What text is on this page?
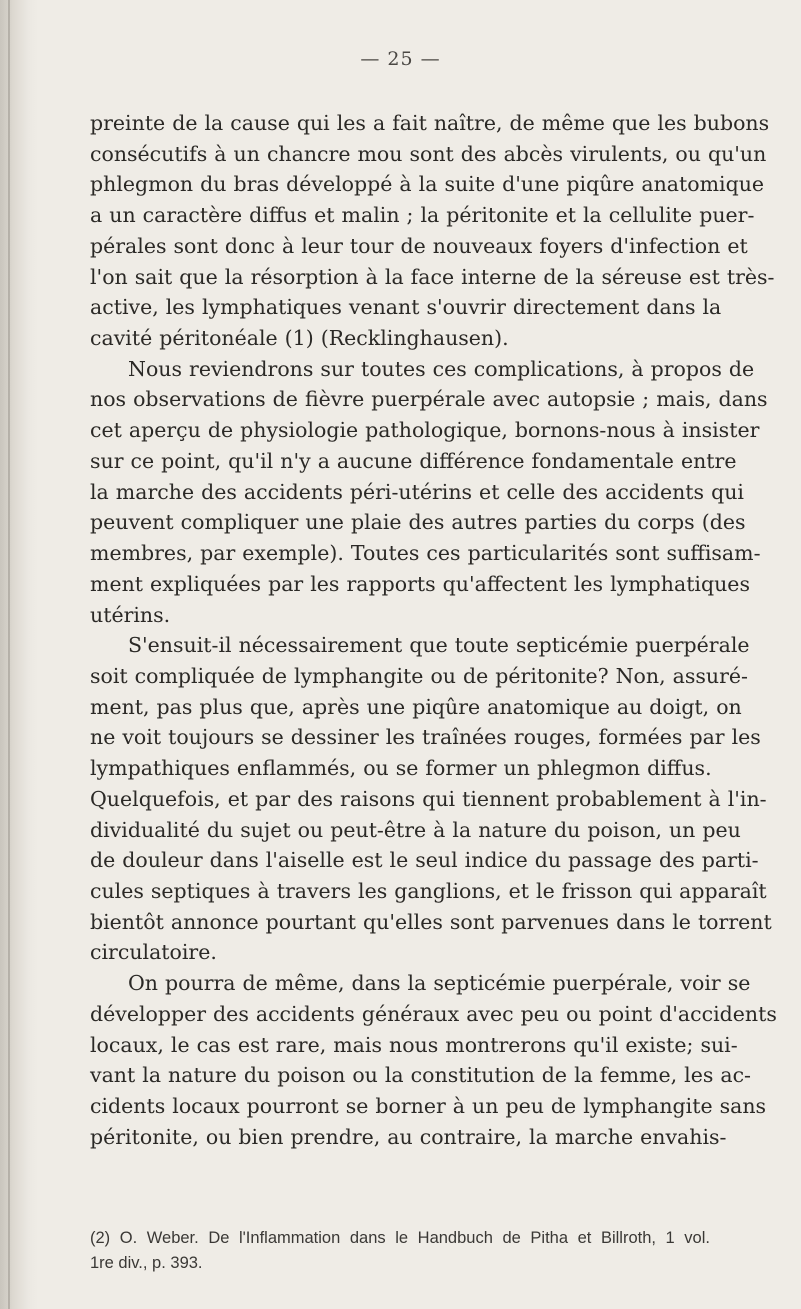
— 25 —
preinte de la cause qui les a fait naître, de même que les bubons
consécutifs à un chancre mou sont des abcès virulents, ou qu'un
phlegmon du bras développé à la suite d'une piqûre anatomique
a un caractère diffus et malin ; la péritonite et la cellulite puer-
pérales sont donc à leur tour de nouveaux foyers d'infection et
l'on sait que la résorption à la face interne de la séreuse est très-
active, les lymphatiques venant s'ouvrir directement dans la
cavité péritonéale (1) (Recklinghausen).
Nous reviendrons sur toutes ces complications, à propos de
nos observations de fièvre puerpérale avec autopsie ; mais, dans
cet aperçu de physiologie pathologique, bornons-nous à insister
sur ce point, qu'il n'y a aucune différence fondamentale entre
la marche des accidents péri-utérins et celle des accidents qui
peuvent compliquer une plaie des autres parties du corps (des
membres, par exemple). Toutes ces particularités sont suffisam-
ment expliquées par les rapports qu'affectent les lymphatiques
utérins.
S'ensuit-il nécessairement que toute septicémie puerpérale
soit compliquée de lymphangite ou de péritonite? Non, assuré-
ment, pas plus que, après une piqûre anatomique au doigt, on
ne voit toujours se dessiner les traînées rouges, formées par les
lympathiques enflammés, ou se former un phlegmon diffus.
Quelquefois, et par des raisons qui tiennent probablement à l'in-
dividualité du sujet ou peut-être à la nature du poison, un peu
de douleur dans l'aiselle est le seul indice du passage des parti-
cules septiques à travers les ganglions, et le frisson qui apparaît
bientôt annonce pourtant qu'elles sont parvenues dans le torrent
circulatoire.
On pourra de même, dans la septicémie puerpérale, voir se
développer des accidents généraux avec peu ou point d'accidents
locaux, le cas est rare, mais nous montrerons qu'il existe; sui-
vant la nature du poison ou la constitution de la femme, les ac-
cidents locaux pourront se borner à un peu de lymphangite sans
péritonite, ou bien prendre, au contraire, la marche envahis-
(2) O. Weber. De l'Inflammation dans le Handbuch de Pitha et Billroth, 1 vol.
1re div., p. 393.
